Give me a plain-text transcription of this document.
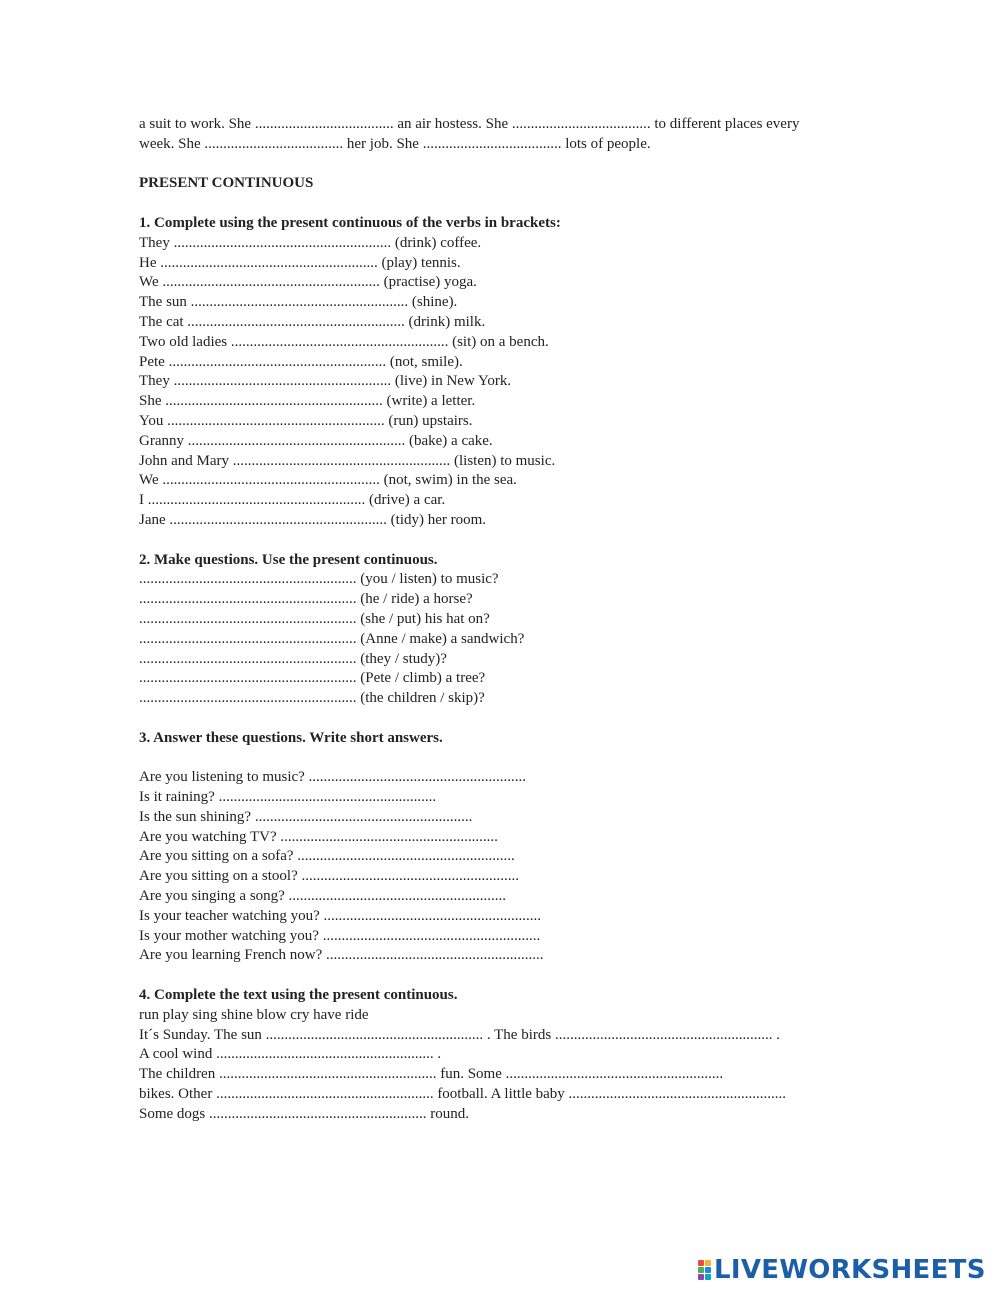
a suit to work. She ..................................... an air hostess. She ..................................... to different places every
week. She ..................................... her job. She ..................................... lots of people.
PRESENT CONTINUOUS
1. Complete using the present continuous of the verbs in brackets:
They .......................................................... (drink) coffee.
He .......................................................... (play) tennis.
We .......................................................... (practise) yoga.
The sun .......................................................... (shine).
The cat .......................................................... (drink) milk.
Two old ladies .......................................................... (sit) on a bench.
Pete .......................................................... (not, smile).
They .......................................................... (live) in New York.
She .......................................................... (write) a letter.
You .......................................................... (run) upstairs.
Granny .......................................................... (bake) a cake.
John and Mary .......................................................... (listen) to music.
We .......................................................... (not, swim) in the sea.
I .......................................................... (drive) a car.
Jane .......................................................... (tidy) her room.
2. Make questions. Use the present continuous.
.......................................................... (you / listen) to music?
.......................................................... (he / ride) a horse?
.......................................................... (she / put) his hat on?
.......................................................... (Anne / make) a sandwich?
.......................................................... (they / study)?
.......................................................... (Pete / climb) a tree?
.......................................................... (the children / skip)?
3. Answer these questions. Write short answers.
Are you listening to music? ..........................................................
Is it raining? ..........................................................
Is the sun shining? ..........................................................
Are you watching TV? ..........................................................
Are you sitting on a sofa? ..........................................................
Are you sitting on a stool? ..........................................................
Are you singing a song? ..........................................................
Is your teacher watching you? ..........................................................
Is your mother watching you? ..........................................................
Are you learning French now? ..........................................................
4. Complete the text using the present continuous.
run play sing shine blow cry have ride
It´s Sunday. The sun .......................................................... . The birds .......................................................... .
A cool wind .......................................................... .
The children .......................................................... fun. Some ..........................................................
bikes. Other .......................................................... football. A little baby ..........................................................
Some dogs .......................................................... round.
LIVEWORKSHEETS
